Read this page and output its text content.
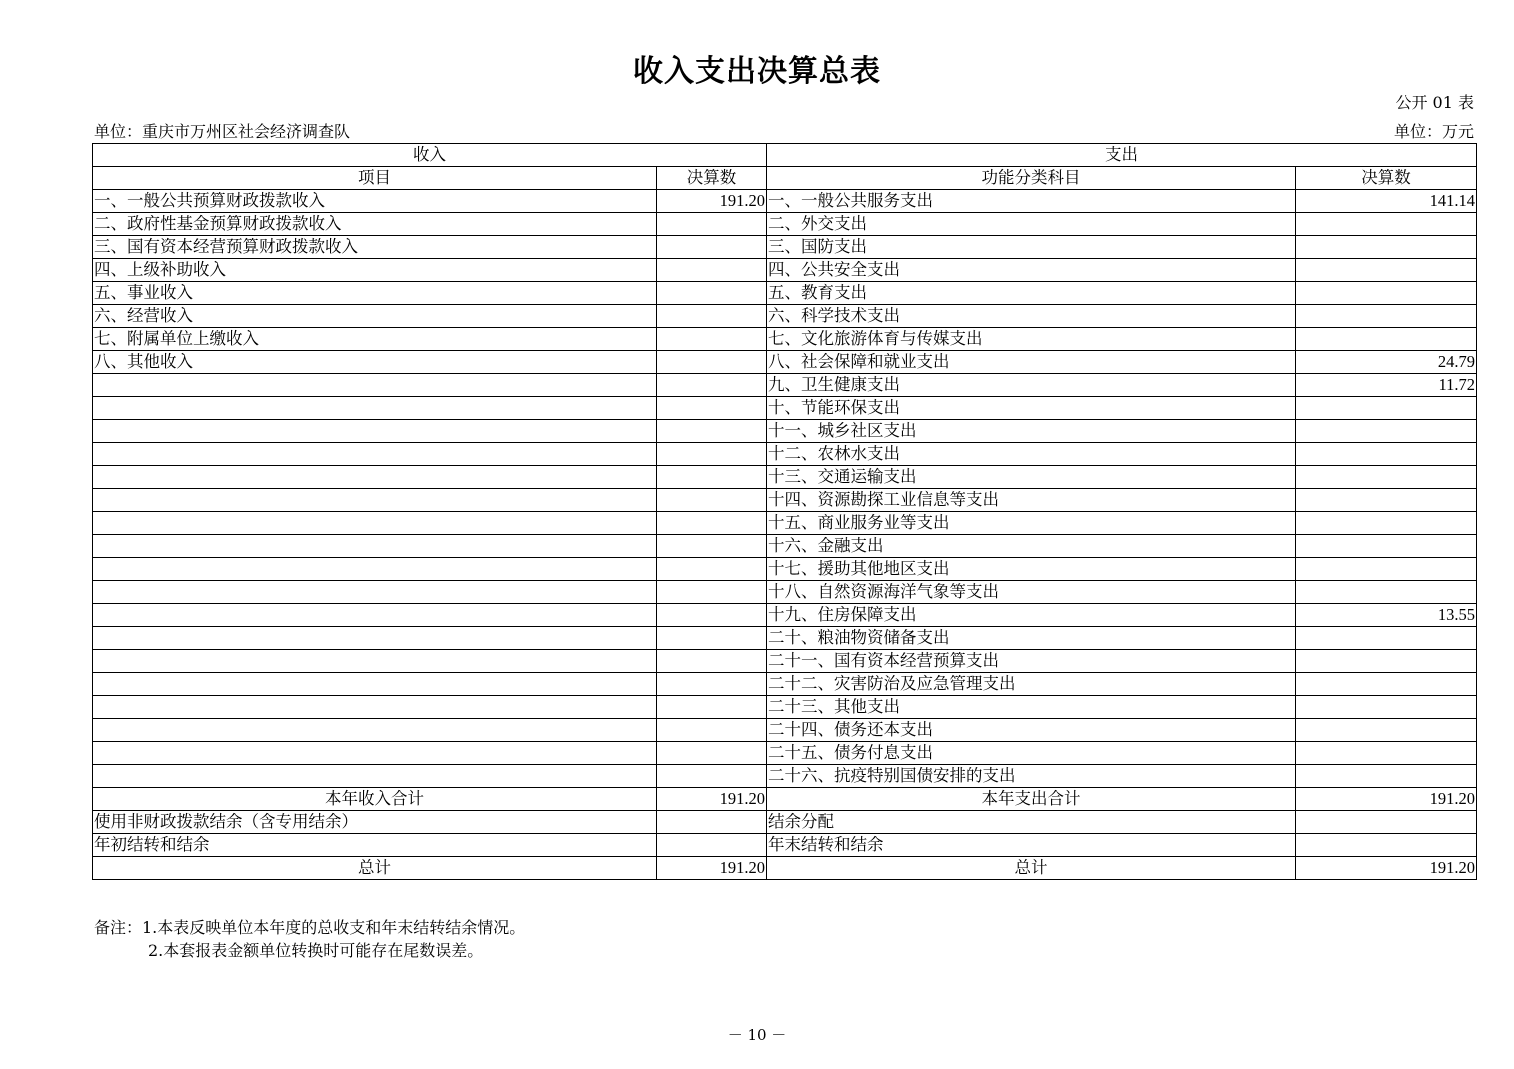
收入支出决算总表
公开 01 表
单位：重庆市万州区社会经济调查队	单位：万元
收入		支出	
项目	决算数	功能分类科目	决算数
一、一般公共预算财政拨款收入	191.20	一、一般公共服务支出	141.14
二、政府性基金预算财政拨款收入		二、外交支出	
三、国有资本经营预算财政拨款收入		三、国防支出	
四、上级补助收入		四、公共安全支出	
五、事业收入		五、教育支出	
六、经营收入		六、科学技术支出	
七、附属单位上缴收入		七、文化旅游体育与传媒支出	
八、其他收入		八、社会保障和就业支出	24.79
		九、卫生健康支出	11.72
		十、节能环保支出	
		十一、城乡社区支出	
		十二、农林水支出	
		十三、交通运输支出	
		十四、资源勘探工业信息等支出	
		十五、商业服务业等支出	
		十六、金融支出	
		十七、援助其他地区支出	
		十八、自然资源海洋气象等支出	
		十九、住房保障支出	13.55
		二十、粮油物资储备支出	
		二十一、国有资本经营预算支出	
		二十二、灾害防治及应急管理支出	
		二十三、其他支出	
		二十四、债务还本支出	
		二十五、债务付息支出	
		二十六、抗疫特别国债安排的支出	
本年收入合计	191.20	本年支出合计	191.20
使用非财政拨款结余（含专用结余）		结余分配	
年初结转和结余		年末结转和结余	
总计	191.20	总计	191.20
备注：1.本表反映单位本年度的总收支和年末结转结余情况。
2.本套报表金额单位转换时可能存在尾数误差。
－ 10 －
